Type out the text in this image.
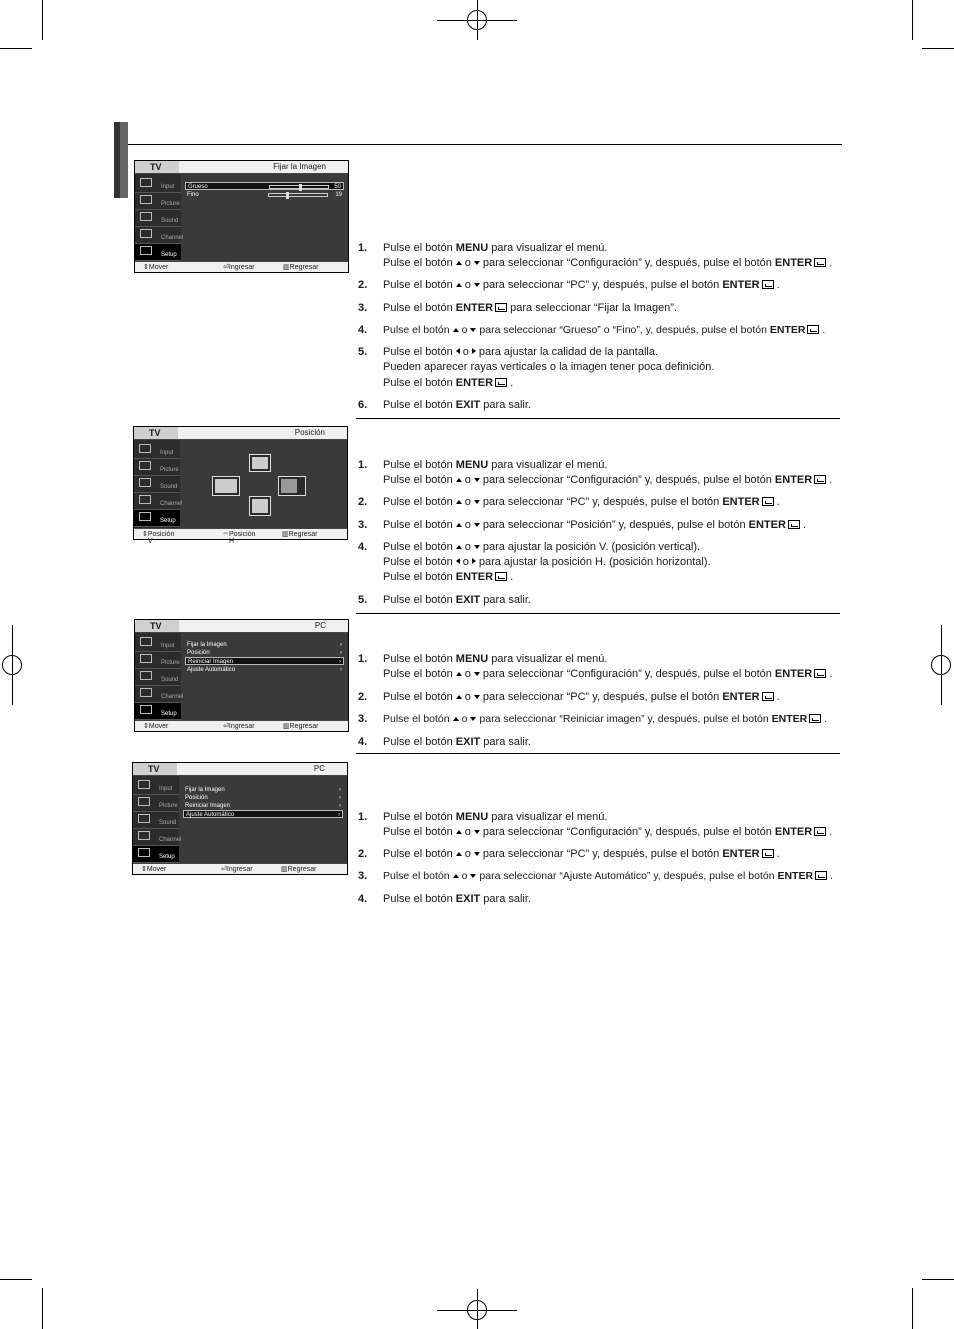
TV	Fijar la Imagen
Input
Picture
Sound
Channel
Setup
Grueso	50
Fino	19
⇕ Mover	⏎ Ingresar	▥ Regresar
TV	Posición
Input
Picture
Sound
Channel
Setup
⇕ Posición V
⇔ Posición H
▥ Regresar
TV	PC
Input
Picture
Sound
Channel
Setup
Fijar la Imagen	›
Posición	›
Reiniciar Imagen	›
Ajuste Automático	›
⇕ Mover	⏎ Ingresar	▥ Regresar
TV	PC
Input
Picture
Sound
Channel
Setup
Fijar la Imagen	›
Posición	›
Reiniciar Imagen	›
Ajuste Automático	›
⇕ Mover	⏎ Ingresar	▥ Regresar
1. Pulse el botón MENU para visualizar el menú.
Pulse el botón o para seleccionar “Configuración” y, después, pulse el botón ENTER .
2. Pulse el botón o para seleccionar “PC” y, después, pulse el botón ENTER .
3. Pulse el botón ENTER para seleccionar “Fijar la Imagen”.
4. Pulse el botón o para seleccionar “Grueso” o “Fino”, y, después, pulse el botón ENTER .
5. Pulse el botón o para ajustar la calidad de la pantalla.
Pueden aparecer rayas verticales o la imagen tener poca definición.
Pulse el botón ENTER .
6. Pulse el botón EXIT para salir.
1. Pulse el botón MENU para visualizar el menú.
Pulse el botón o para seleccionar “Configuración” y, después, pulse el botón ENTER .
2. Pulse el botón o para seleccionar “PC” y, después, pulse el botón ENTER .
3. Pulse el botón o para seleccionar “Posición” y, después, pulse el botón ENTER .
4. Pulse el botón o para ajustar la posición V. (posición vertical).
Pulse el botón o para ajustar la posición H. (posición horizontal).
Pulse el botón ENTER .
5. Pulse el botón EXIT para salir.
1. Pulse el botón MENU para visualizar el menú.
Pulse el botón o para seleccionar “Configuración” y, después, pulse el botón ENTER .
2. Pulse el botón o para seleccionar “PC” y, después, pulse el botón ENTER .
3. Pulse el botón o para seleccionar “Reiniciar imagen” y, después, pulse el botón ENTER .
4. Pulse el botón EXIT para salir.
1. Pulse el botón MENU para visualizar el menú.
Pulse el botón o para seleccionar “Configuración” y, después, pulse el botón ENTER .
2. Pulse el botón o para seleccionar “PC” y, después, pulse el botón ENTER .
3. Pulse el botón o para seleccionar “Ajuste Automático” y, después, pulse el botón ENTER .
4. Pulse el botón EXIT para salir.
